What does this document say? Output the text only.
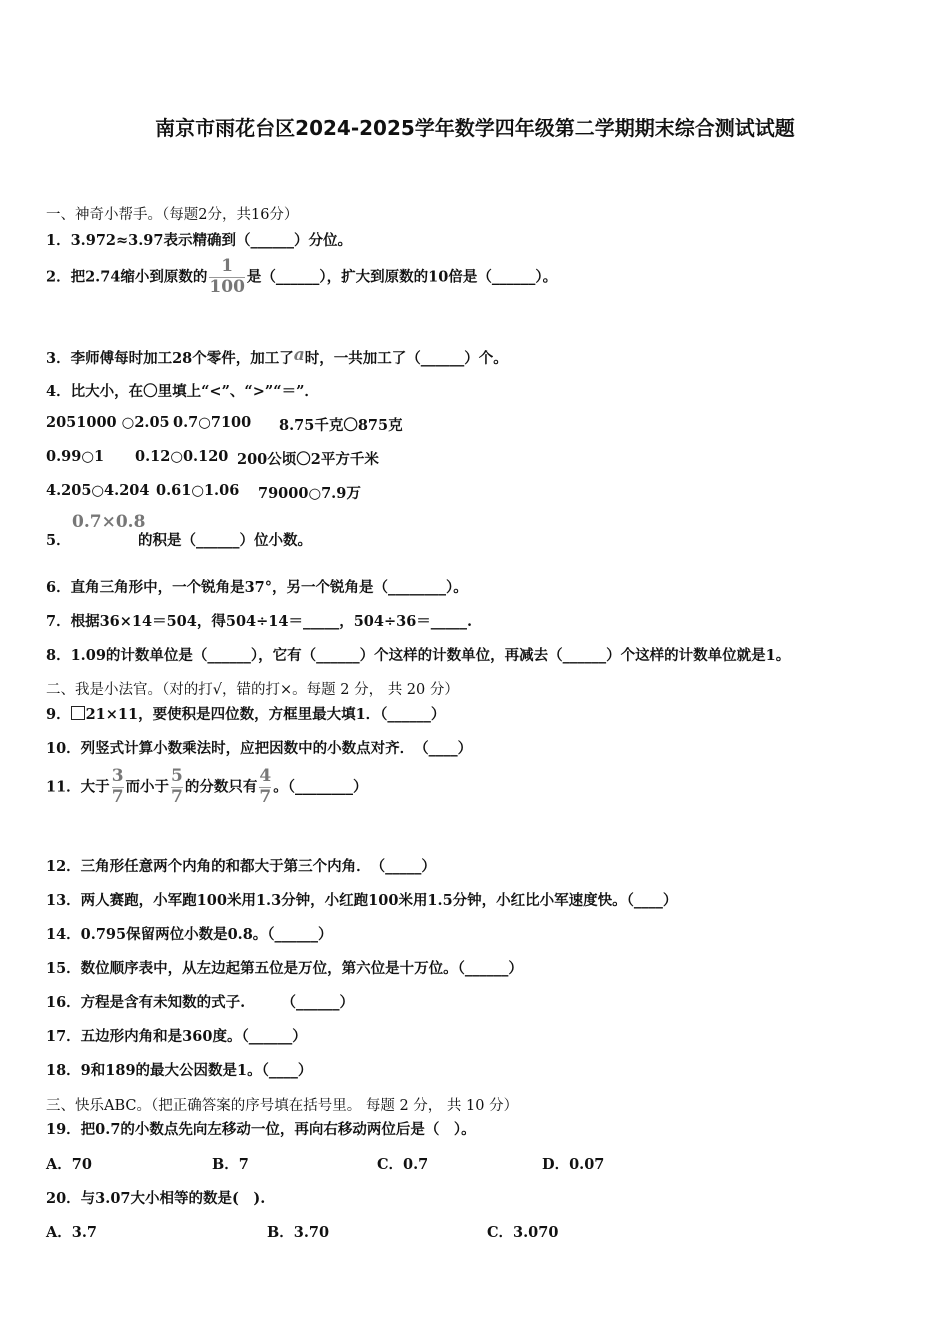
南京市雨花台区2024-2025学年数学四年级第二学期期末综合测试试题
一、神奇小帮手。（每题2分，共16分）
1．3.972≈3.97表示精确到（______）分位。
2．把2.74缩小到原数的 $\frac{1}{100}$ 是（______），扩大到原数的10倍是（______）。
3．李师傅每时加工28个零件，加工了a时，一共加工了（______）个。
4．比大小，在〇里填上“<”、“>”“＝”．
2051000 ○2.05 0.7○7100 8.75千克〇875克
0.99○1 0.12○0.120 200公顷〇2平方千米
4.205○4.204 0.61○1.06 79000○7.9万
5．
0.7×0.8
的积是（______）位小数。
6．直角三角形中，一个锐角是37°，另一个锐角是（________）。
7．根据36×14＝504，得504÷14＝_____，504÷36＝_____.
8．1.09的计数单位是（______），它有（______）个这样的计数单位，再减去（______）个这样的计数单位就是1。
二、我是小法官。（对的打√，错的打×。每题 2 分， 共 20 分）
9． 21×11，要使积是四位数，方框里最大填1．（______）
10．列竖式计算小数乘法时，应把因数中的小数点对齐．　（____）
11．大于 $\frac{3}{7}$ 而小于 $\frac{5}{7}$ 的分数只有 $\frac{4}{7}$ 。（________）
12．三角形任意两个内角的和都大于第三个内角．　（_____）
13．两人赛跑，小军跑100米用1.3分钟，小红跑100米用1.5分钟，小红比小军速度快。（____）
14．0.795保留两位小数是0.8。（______）
15．数位顺序表中，从左边起第五位是万位，第六位是十万位。（______）
16．方程是含有未知数的式子.　　　（______）
17．五边形内角和是360度。（______）
18．9和189的最大公因数是1。（____）
三、快乐ABC。（把正确答案的序号填在括号里。 每题 2 分， 共 10 分）
19．把0.7的小数点先向左移动一位，再向右移动两位后是（　）。
A．70	B．7	C．0.7	D．0.07
20．与3.07大小相等的数是(　).
A．3.7	B．3.70	C．3.070
